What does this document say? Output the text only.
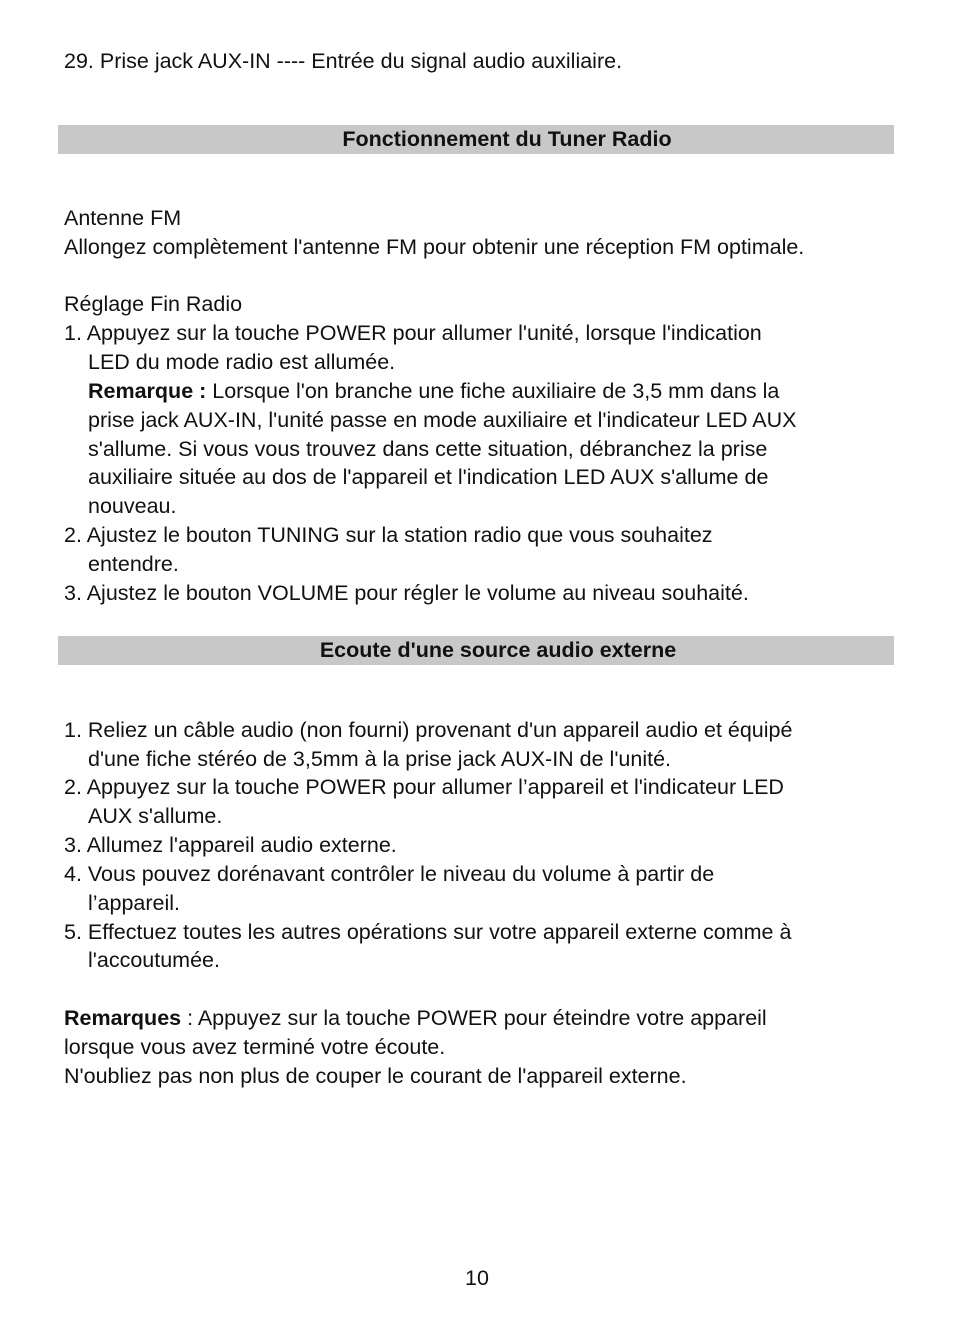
29. Prise jack AUX-IN ---- Entrée du signal audio auxiliaire.
Fonctionnement du Tuner Radio
Antenne FM
Allongez complètement l'antenne FM pour obtenir une réception FM optimale.
Réglage Fin Radio
1. Appuyez sur la touche POWER pour allumer l'unité, lorsque l'indication
LED du mode radio est allumée.
Remarque : Lorsque l'on branche une fiche auxiliaire de 3,5 mm dans la
prise jack AUX-IN, l'unité passe en mode auxiliaire et l'indicateur LED AUX
s'allume. Si vous vous trouvez dans cette situation, débranchez la prise
auxiliaire située au dos de l'appareil et l'indication LED AUX s'allume de
nouveau.
2. Ajustez le bouton TUNING sur la station radio que vous souhaitez
entendre.
3. Ajustez le bouton VOLUME pour régler le volume au niveau souhaité.
Ecoute d'une source audio externe
1. Reliez un câble audio (non fourni) provenant d'un appareil audio et équipé
d'une fiche stéréo de 3,5mm à la prise jack AUX-IN de l'unité.
2. Appuyez sur la touche POWER pour allumer l’appareil et l'indicateur LED
AUX s'allume.
3. Allumez l'appareil audio externe.
4. Vous pouvez dorénavant contrôler le niveau du volume à partir de
l’appareil.
5. Effectuez toutes les autres opérations sur votre appareil externe comme à
l'accoutumée.
Remarques : Appuyez sur la touche POWER pour éteindre votre appareil
lorsque vous avez terminé votre écoute.
N'oubliez pas non plus de couper le courant de l'appareil externe.
10
